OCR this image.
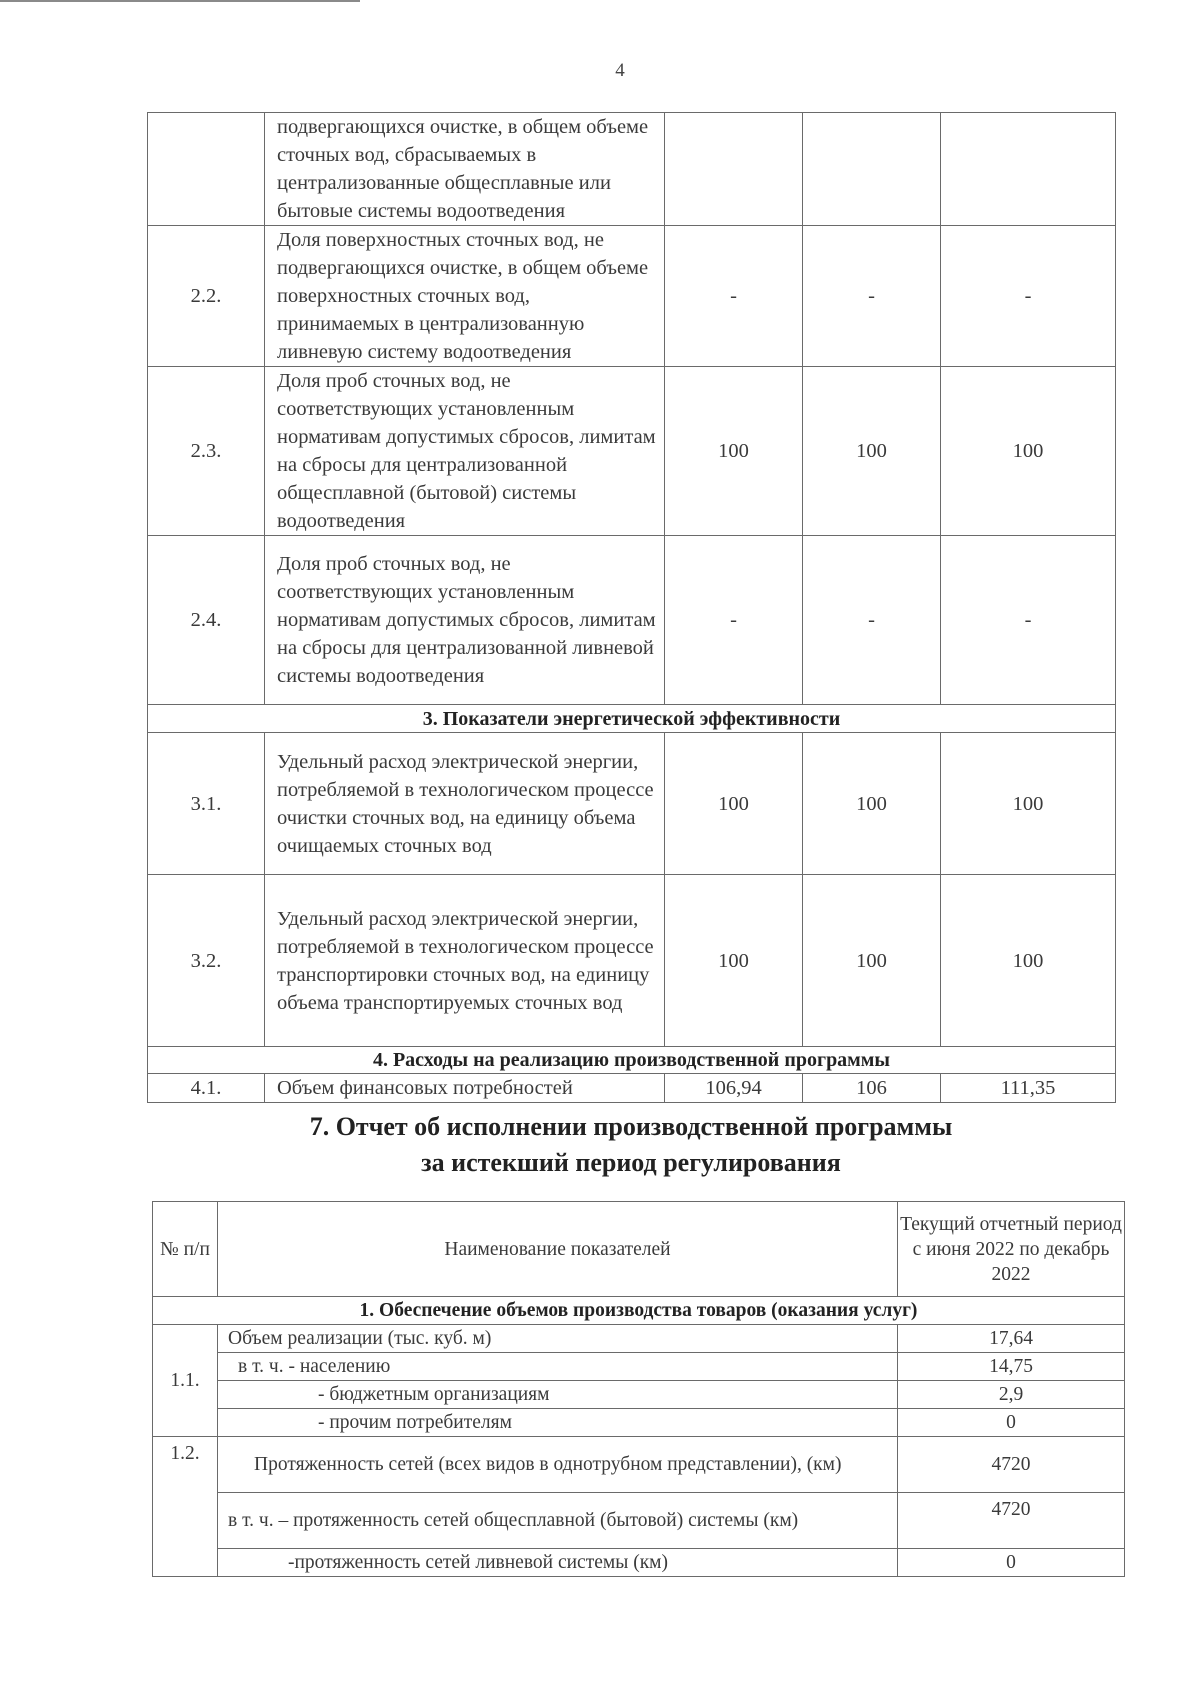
4
	подвергающихся очистке, в общем объеме сточных вод, сбрасываемых в централизованные общесплавные или бытовые системы водоотведения			
2.2.	Доля поверхностных сточных вод, не подвергающихся очистке, в общем объеме поверхностных сточных вод, принимаемых в централизованную ливневую систему водоотведения	-	-	-
2.3.	Доля проб сточных вод, не соответствующих установленным нормативам допустимых сбросов, лимитам на сбросы для централизованной общесплавной (бытовой) системы водоотведения	100	100	100
2.4.	Доля проб сточных вод, не соответствующих установленным нормативам допустимых сбросов, лимитам на сбросы для централизованной ливневой системы водоотведения	-	-	-
3. Показатели энергетической эффективности				
3.1.	Удельный расход электрической энергии, потребляемой в технологическом процессе очистки сточных вод, на единицу объема очищаемых сточных вод	100	100	100
3.2.	Удельный расход электрической энергии, потребляемой в технологическом процессе транспортировки сточных вод, на единицу объема транспортируемых сточных вод	100	100	100
4. Расходы на реализацию производственной программы				
4.1.	Объем финансовых потребностей	106,94	106	111,35
7. Отчет об исполнении производственной программы
за истекший период регулирования
№ п/п	Наименование показателей	Текущий отчетный период с июня 2022 по декабрь 2022
1. Обеспечение объемов производства товаров (оказания услуг)		
1.1.	Объем реализации (тыс. куб. м)	17,64
	в т. ч. - населению	14,75
	- бюджетным организациям	2,9
	- прочим потребителям	0
1.2.	Протяженность сетей (всех видов в однотрубном представлении), (км)	4720
	в т. ч. – протяженность сетей общесплавной (бытовой) системы (км)	4720
	-протяженность сетей ливневой системы (км)	0
